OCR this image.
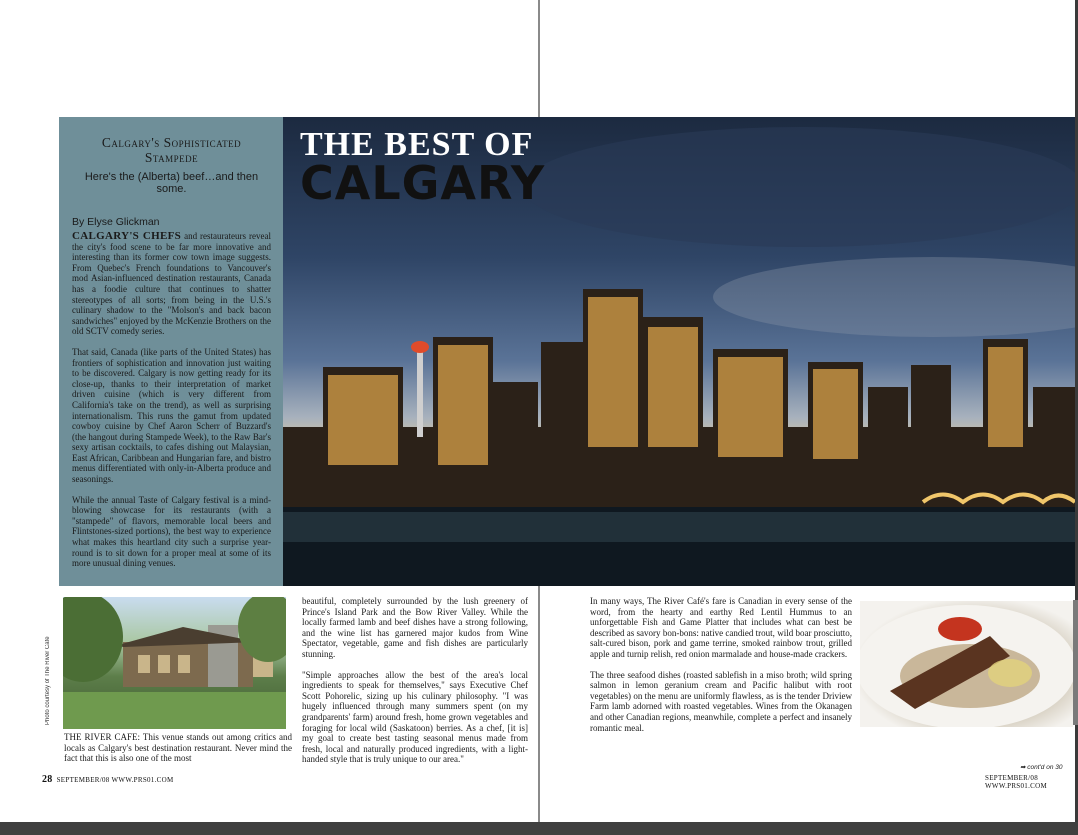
Calgary's Sophisticated
Stampede

Here's the (Alberta) beef…and then some.

By Elyse Glickman

CALGARY'S CHEFS and restaurateurs reveal the city's food scene to be far more innovative and interesting than its former cow town image suggests. From Quebec's French foundations to Vancouver's mod Asian-influenced destination restaurants, Canada has a foodie culture that continues to shatter stereotypes of all sorts; from being in the U.S.'s culinary shadow to the "Molson's and back bacon sandwiches" enjoyed by the McKenzie Brothers on the old SCTV comedy series.

That said, Canada (like parts of the United States) has frontiers of sophistication and innovation just waiting to be discovered. Calgary is now getting ready for its close-up, thanks to their interpretation of market driven cuisine (which is very different from California's take on the trend), as well as surprising internationalism. This runs the gamut from updated cowboy cuisine by Chef Aaron Scherr of Buzzard's (the hangout during Stampede Week), to the Raw Bar's sexy artisan cocktails, to cafes dishing out Malaysian, East African, Caribbean and Hungarian fare, and bistro menus differentiated with only-in-Alberta produce and seasonings.

While the annual Taste of Calgary festival is a mind-blowing showcase for its restaurants (with a "stampede" of flavors, memorable local beers and Flintstones-sized portions), the best way to experience what makes this heartland city such a surprise year-round is to sit down for a proper meal at some of its more unusual dining venues.

THE BEST OF
CALGARY
Photo courtesy of The River Cafe

THE RIVER CAFE: This venue stands out among critics and locals as Calgary's best destination restaurant. Never mind the fact that this is also one of the most

beautiful, completely surrounded by the lush greenery of Prince's Island Park and the Bow River Valley. While the locally farmed lamb and beef dishes have a strong following, and the wine list has garnered major kudos from Wine Spectator, vegetable, game and fish dishes are particularly stunning.

"Simple approaches allow the best of the area's local ingredients to speak for themselves," says Executive Chef Scott Pohorelic, sizing up his culinary philosophy. "I was hugely influenced through many summers spent (on my grandparents' farm) around fresh, home grown vegetables and foraging for local wild (Saskatoon) berries. As a chef, [it is] my goal to create best tasting seasonal menus made from fresh, local and naturally produced ingredients, with a light-handed style that is truly unique to our area."

In many ways, The River Café's fare is Canadian in every sense of the word, from the hearty and earthy Red Lentil Hummus to an unforgettable Fish and Game Platter that includes what can best be described as savory bon-bons: native candied trout, wild boar prosciutto, salt-cured bison, pork and game terrine, smoked rainbow trout, grilled apple and turnip relish, red onion marmalade and house-made crackers.

The three seafood dishes (roasted sablefish in a miso broth; wild spring salmon in lemon geranium cream and Pacific halibut with root vegetables) on the menu are uniformly flawless, as is the tender Driview Farm lamb adorned with roasted vegetables. Wines from the Okanagen and other Canadian regions, meanwhile, complete a perfect and insanely romantic meal.

➡ cont'd on 30
28 SEPTEMBER/08 WWW.PRS01.COM	SEPTEMBER/08 WWW.PRS01.COM
